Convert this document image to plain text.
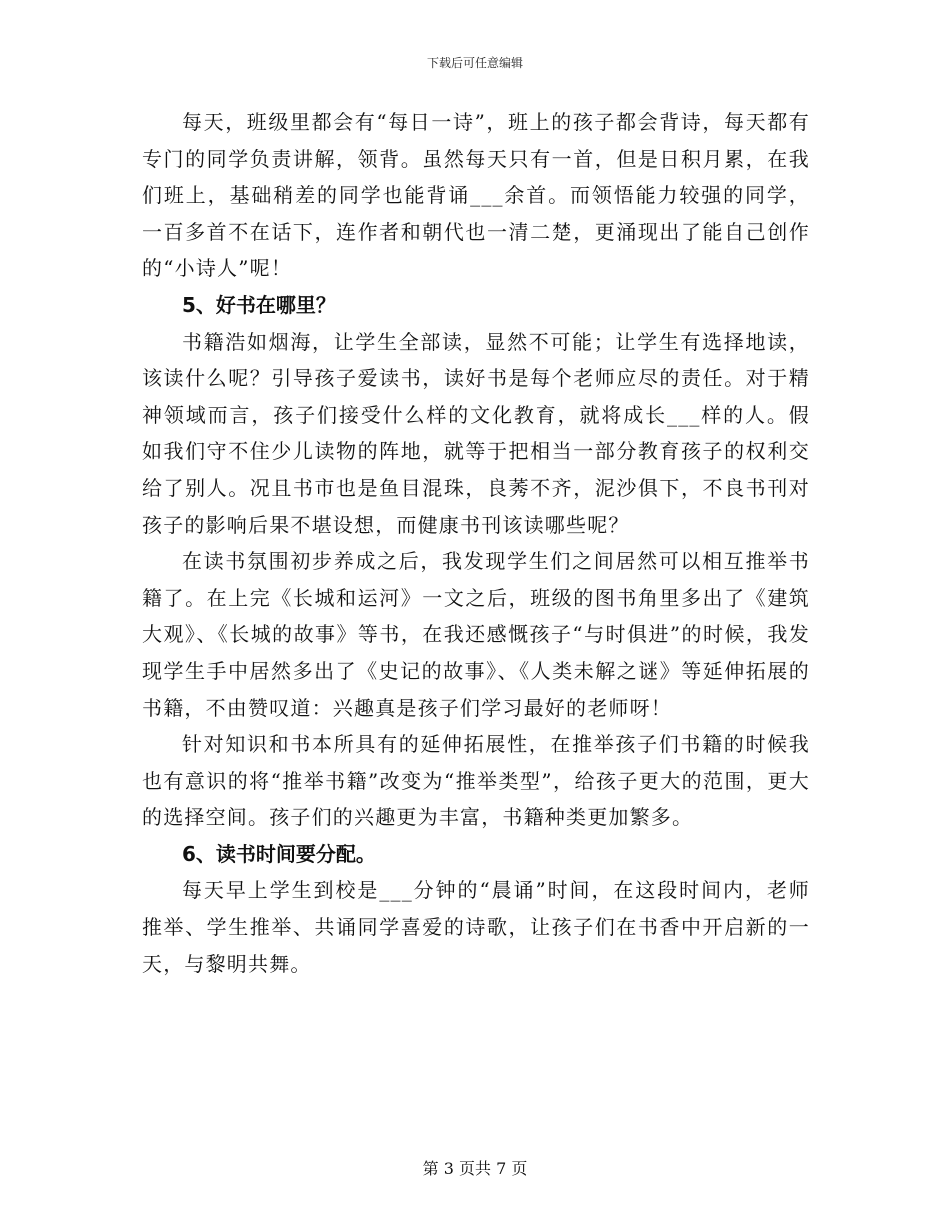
下载后可任意编辑

每天，班级里都会有“每日一诗”，班上的孩子都会背诗，每天都有专门的同学负责讲解，领背。虽然每天只有一首，但是日积月累，在我们班上，基础稍差的同学也能背诵___余首。而领悟能力较强的同学，一百多首不在话下，连作者和朝代也一清二楚，更涌现出了能自己创作的“小诗人”呢！

5、好书在哪里？

书籍浩如烟海，让学生全部读，显然不可能；让学生有选择地读，该读什么呢？引导孩子爱读书，读好书是每个老师应尽的责任。对于精神领域而言，孩子们接受什么样的文化教育，就将成长___样的人。假如我们守不住少儿读物的阵地，就等于把相当一部分教育孩子的权利交给了别人。况且书市也是鱼目混珠，良莠不齐，泥沙俱下，不良书刊对孩子的影响后果不堪设想，而健康书刊该读哪些呢？

在读书氛围初步养成之后，我发现学生们之间居然可以相互推举书籍了。在上完《长城和运河》一文之后，班级的图书角里多出了《建筑大观》、《长城的故事》等书，在我还感慨孩子“与时俱进”的时候，我发现学生手中居然多出了《史记的故事》、《人类未解之谜》等延伸拓展的书籍，不由赞叹道：兴趣真是孩子们学习最好的老师呀！

针对知识和书本所具有的延伸拓展性，在推举孩子们书籍的时候我也有意识的将“推举书籍”改变为“推举类型”，给孩子更大的范围，更大的选择空间。孩子们的兴趣更为丰富，书籍种类更加繁多。

6、读书时间要分配。

每天早上学生到校是___分钟的“晨诵”时间，在这段时间内，老师推举、学生推举、共诵同学喜爱的诗歌，让孩子们在书香中开启新的一天，与黎明共舞。

第 3 页共 7 页
